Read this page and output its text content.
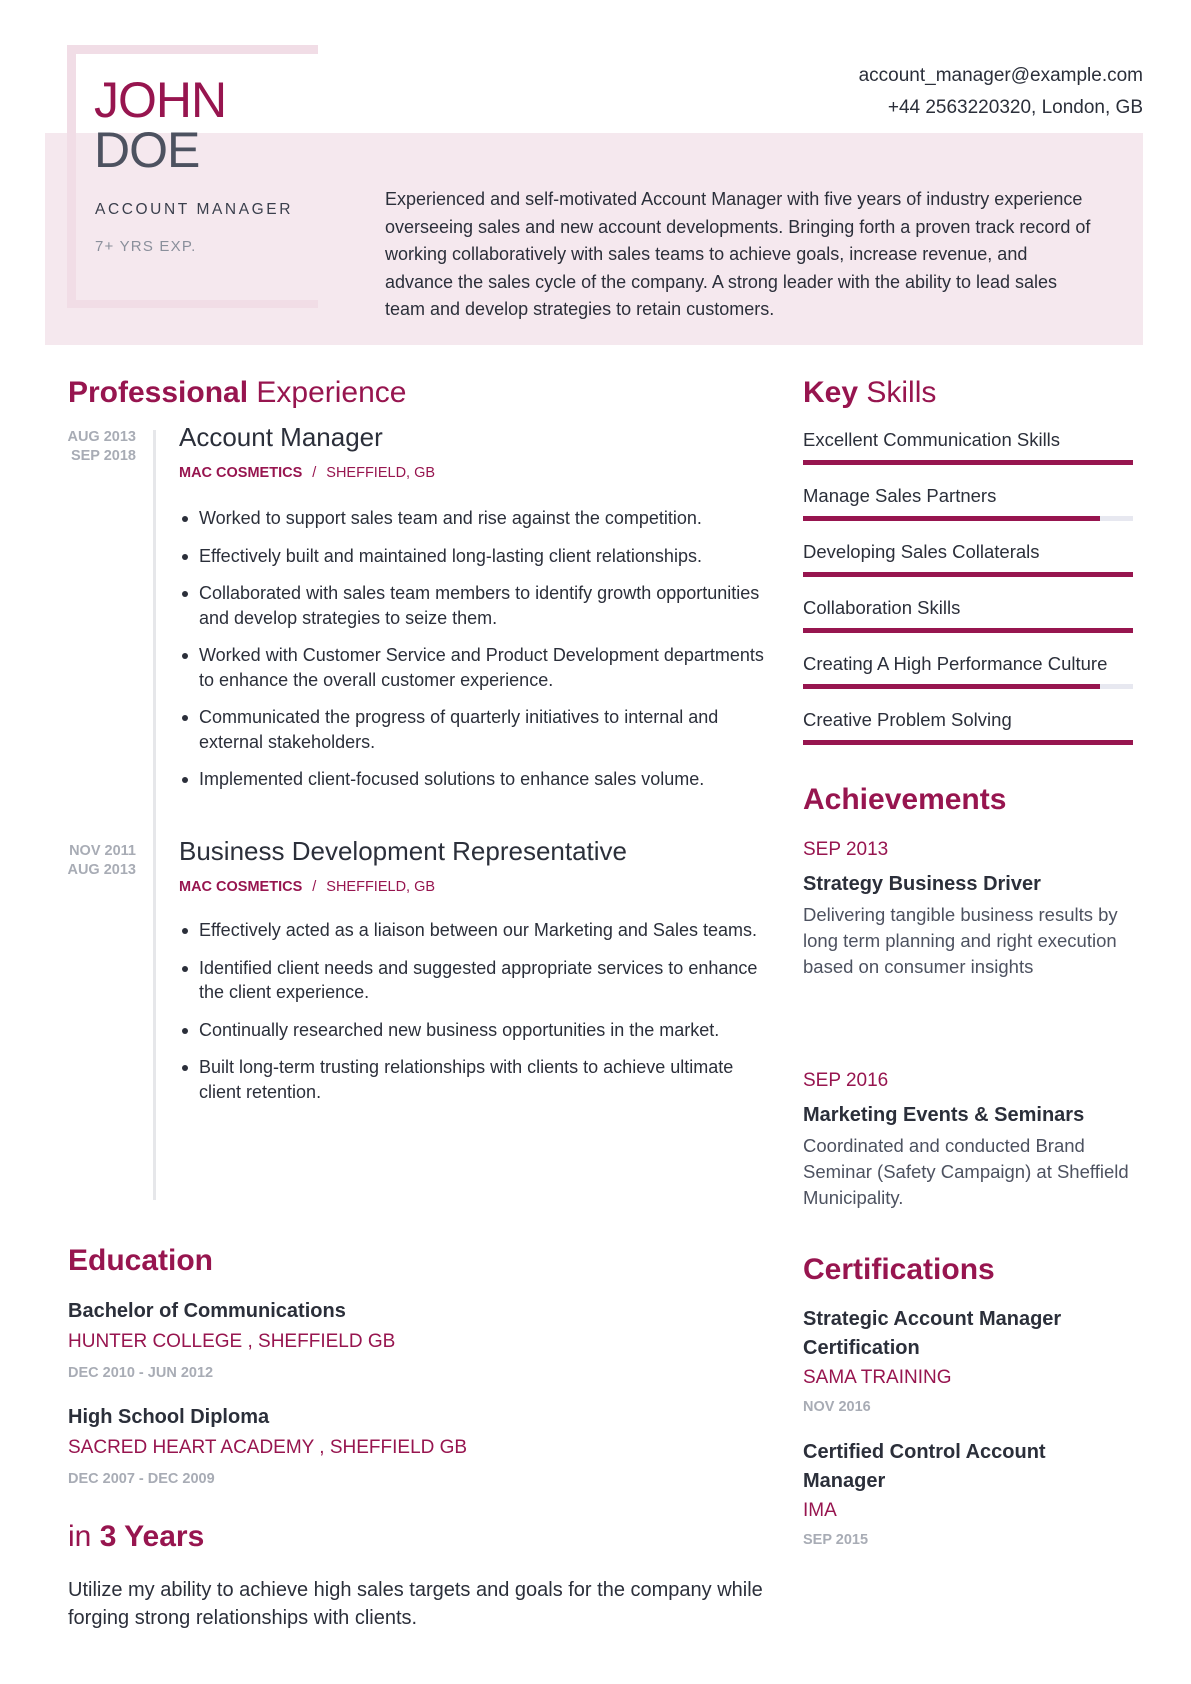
JOHN
DOE
ACCOUNT MANAGER
7+ YRS EXP.
account_manager@example.com
+44 2563220320, London, GB
Experienced and self-motivated Account Manager with five years of industry experience overseeing sales and new account developments. Bringing forth a proven track record of working collaboratively with sales teams to achieve goals, increase revenue, and advance the sales cycle of the company. A strong leader with the ability to lead sales team and develop strategies to retain customers.
Professional Experience
AUG 2013
SEP 2018
Account Manager
MAC COSMETICS / SHEFFIELD, GB
Worked to support sales team and rise against the competition.
Effectively built and maintained long-lasting client relationships.
Collaborated with sales team members to identify growth opportunities and develop strategies to seize them.
Worked with Customer Service and Product Development departments to enhance the overall customer experience.
Communicated the progress of quarterly initiatives to internal and external stakeholders.
Implemented client-focused solutions to enhance sales volume.
NOV 2011
AUG 2013
Business Development Representative
MAC COSMETICS / SHEFFIELD, GB
Effectively acted as a liaison between our Marketing and Sales teams.
Identified client needs and suggested appropriate services to enhance the client experience.
Continually researched new business opportunities in the market.
Built long-term trusting relationships with clients to achieve ultimate client retention.
Education
Bachelor of Communications
HUNTER COLLEGE , SHEFFIELD GB
DEC 2010 - JUN 2012
High School Diploma
SACRED HEART ACADEMY , SHEFFIELD GB
DEC 2007 - DEC 2009
in 3 Years
Utilize my ability to achieve high sales targets and goals for the company while forging strong relationships with clients.
Key Skills
Excellent Communication Skills
Manage Sales Partners
Developing Sales Collaterals
Collaboration Skills
Creating A High Performance Culture
Creative Problem Solving
Achievements
SEP 2013
Strategy Business Driver
Delivering tangible business results by long term planning and right execution based on consumer insights
SEP 2016
Marketing Events & Seminars
Coordinated and conducted Brand Seminar (Safety Campaign) at Sheffield Municipality.
Certifications
Strategic Account Manager Certification
SAMA TRAINING
NOV 2016
Certified Control Account Manager
IMA
SEP 2015
